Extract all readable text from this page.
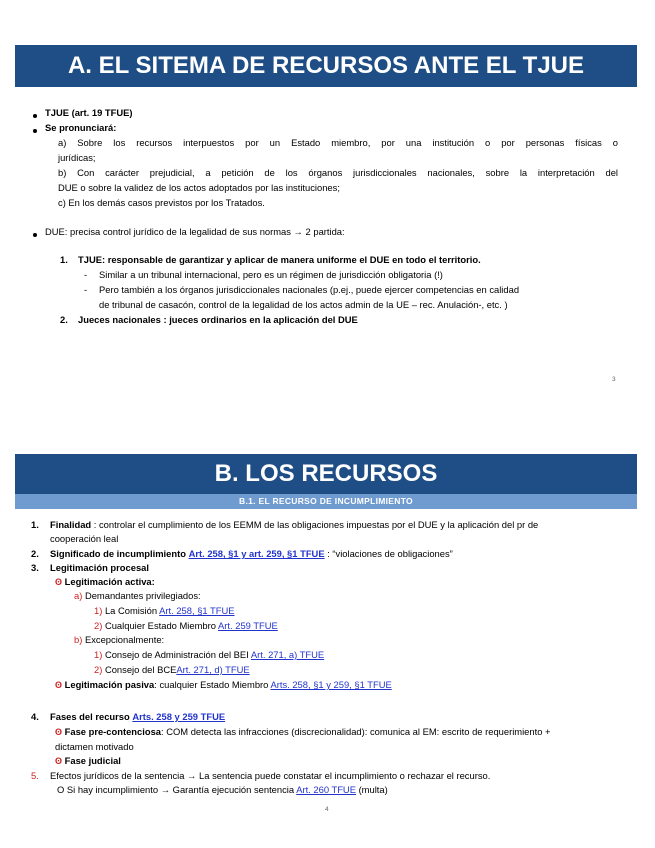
A. EL SITEMA DE RECURSOS ANTE EL TJUE
TJUE (art. 19 TFUE)
Se pronunciará:
a) Sobre los recursos interpuestos por un Estado miembro, por una institución o por personas físicas o
jurídicas;
b) Con carácter prejudicial, a petición de los órganos jurisdiccionales nacionales, sobre la interpretación del
DUE o sobre la validez de los actos adoptados por las instituciones;
c) En los demás casos previstos por los Tratados.
DUE: precisa control jurídico de la legalidad de sus normas → 2 partida:
1. TJUE: responsable de garantizar y aplicar de manera uniforme el DUE en todo el territorio.
- Similar a un tribunal internacional, pero es un régimen de jurisdicción obligatoria (!)
- Pero también a los órganos jurisdiccionales nacionales (p.ej., puede ejercer competencias en calidad
de tribunal de casacón, control de la legalidad de los actos admin de la UE – rec. Anulación-, etc. )
2. Jueces nacionales : jueces ordinarios en la aplicación del DUE
3
B. LOS RECURSOS
B.1. EL RECURSO DE INCUMPLIMIENTO
1. Finalidad : controlar el cumplimiento de los EEMM de las obligaciones impuestas por el DUE y la aplicación del pr de
cooperación leal
2. Significado de incumplimiento Art. 258, §1 y art. 259, §1 TFUE : “violaciones de obligaciones”
3. Legitimación procesal
ʘ Legitimación activa:
a) Demandantes privilegiados:
1) La Comisión Art. 258, §1 TFUE
2) Cualquier Estado Miembro Art. 259 TFUE
b) Excepcionalmente:
1) Consejo de Administración del BEI Art. 271, a) TFUE
2) Consejo del BCEArt. 271, d) TFUE
ʘ Legitimación pasiva: cualquier Estado Miembro Arts. 258, §1 y 259, §1 TFUE
4. Fases del recurso Arts. 258 y 259 TFUE
ʘ Fase pre-contenciosa: COM detecta las infracciones (discrecionalidad): comunica al EM: escrito de requerimiento +
dictamen motivado
ʘ Fase judicial
5. Efectos jurídicos de la sentencia → La sentencia puede constatar el incumplimiento o rechazar el recurso.
O Si hay incumplimiento → Garantía ejecución sentencia Art. 260 TFUE (multa)
4
